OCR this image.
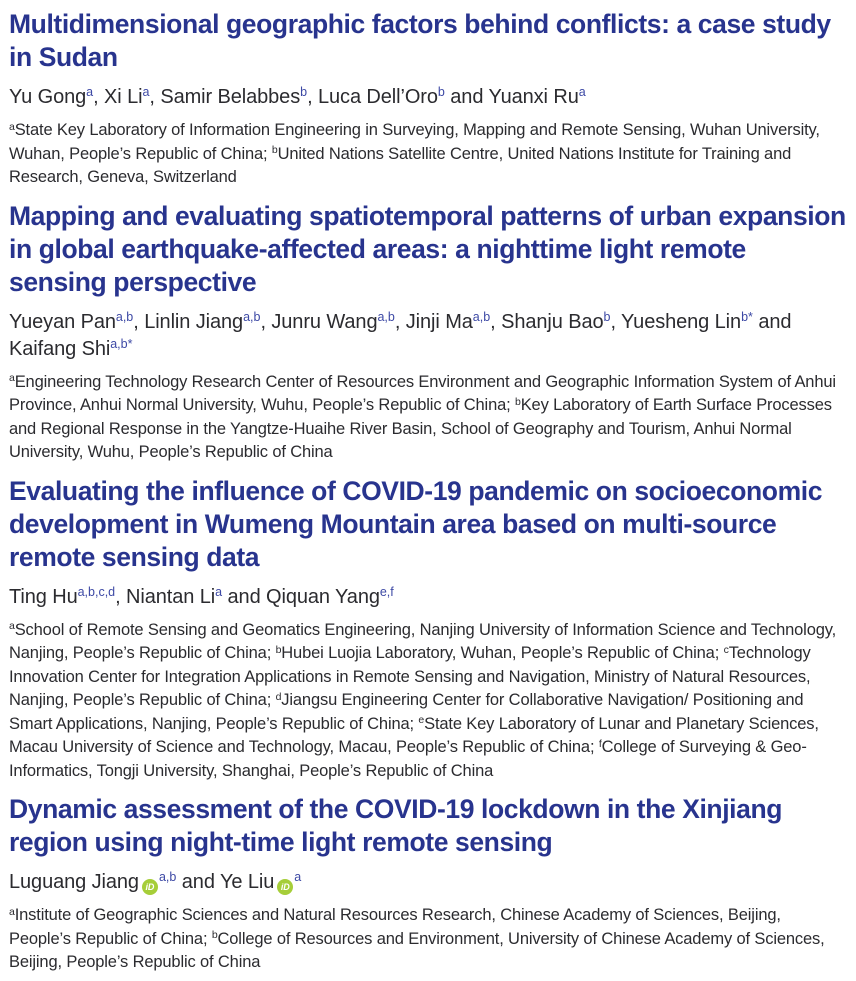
Multidimensional geographic factors behind conflicts: a case study in Sudan

Yu Gong$^a$, Xi Li$^a$, Samir Belabbes$^b$, Luca Dell’Oro$^b$ and Yuanxi Ru$^a$

$^a$State Key Laboratory of Information Engineering in Surveying, Mapping and Remote Sensing, Wuhan University, Wuhan, People’s Republic of China; $^b$United Nations Satellite Centre, United Nations Institute for Training and Research, Geneva, Switzerland

Mapping and evaluating spatiotemporal patterns of urban expansion in global earthquake-affected areas: a nighttime light remote sensing perspective

Yueyan Pan$^{a,b}$, Linlin Jiang$^{a,b}$, Junru Wang$^{a,b}$, Jinji Ma$^{a,b}$, Shanju Bao$^b$, Yuesheng Lin$^{b*}$ and Kaifang Shi$^{a,b*}$

$^a$Engineering Technology Research Center of Resources Environment and Geographic Information System of Anhui Province, Anhui Normal University, Wuhu, People’s Republic of China; $^b$Key Laboratory of Earth Surface Processes and Regional Response in the Yangtze-Huaihe River Basin, School of Geography and Tourism, Anhui Normal University, Wuhu, People’s Republic of China

Evaluating the influence of COVID-19 pandemic on socioeconomic development in Wumeng Mountain area based on multi-source remote sensing data

Ting Hu$^{a,b,c,d}$, Niantan Li$^a$ and Qiquan Yang$^{e,f}$

$^a$School of Remote Sensing and Geomatics Engineering, Nanjing University of Information Science and Technology, Nanjing, People’s Republic of China; $^b$Hubei Luojia Laboratory, Wuhan, People’s Republic of China; $^c$Technology Innovation Center for Integration Applications in Remote Sensing and Navigation, Ministry of Natural Resources, Nanjing, People’s Republic of China; $^d$Jiangsu Engineering Center for Collaborative Navigation/ Positioning and Smart Applications, Nanjing, People’s Republic of China; $^e$State Key Laboratory of Lunar and Planetary Sciences, Macau University of Science and Technology, Macau, People’s Republic of China; $^f$College of Surveying & Geo-Informatics, Tongji University, Shanghai, People’s Republic of China

Dynamic assessment of the COVID-19 lockdown in the Xinjiang region using night-time light remote sensing

Luguang Jiang iD$^{a,b}$ and Ye Liu $iD^a$

$^a$Institute of Geographic Sciences and Natural Resources Research, Chinese Academy of Sciences, Beijing, People’s Republic of China; $^b$College of Resources and Environment, University of Chinese Academy of Sciences, Beijing, People’s Republic of China
